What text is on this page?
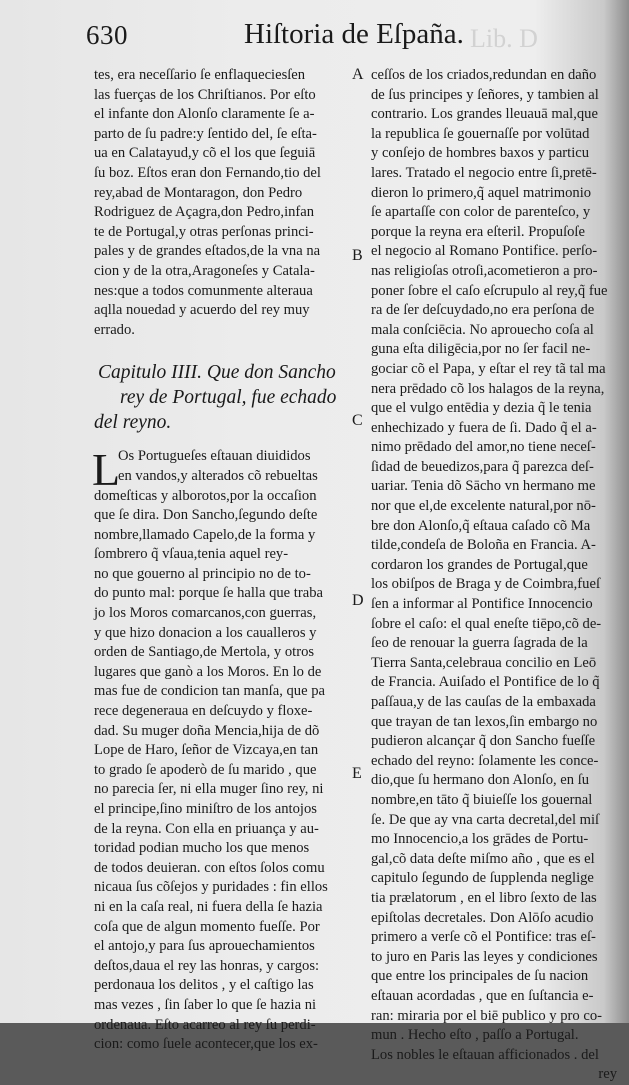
Lib. D
630	Hiſtoria de Eſpaña.
A
B
C
D
E
tes, era neceſſario ſe enflaqueciesſen
las fuerças de los Chriſtianos. Por eſto
el infante don Alonſo claramente ſe a-
parto de ſu padre:y ſentido del, ſe eſta-
ua en Calatayud,y cõ el los que ſeguiā
ſu boz. Eſtos eran don Fernando,tio del
rey,abad de Montaragon, don Pedro
Rodriguez de Açagra,don Pedro,infan
te de Portugal,y otras perſonas princi-
pales y de grandes eſtados,de la vna na
cion y de la otra,Aragoneſes y Catala-
nes:que a todos comunmente alteraua
aqlla nouedad y acuerdo del rey muy
errado.
Capitulo IIII. Que don Sancho
rey de Portugal, fue echado
del reyno.
L
Os Portugueſes eſtauan diuididos
en vandos,y alterados cõ rebueltas
domeſticas y alborotos,por la occaſion
que ſe dira. Don Sancho,ſegundo deſte
nombre,llamado Capelo,de la forma y
ſombrero q̃ vſaua,tenia aquel rey-
no que gouerno al principio no de to-
do punto mal: porque ſe halla que traba
jo los Moros comarcanos,con guerras,
y que hizo donacion a los caualleros y
orden de Santiago,de Mertola, y otros
lugares que ganò a los Moros. En lo de
mas fue de condicion tan manſa, que pa
rece degeneraua en deſcuydo y floxe-
dad. Su muger doña Mencia,hija de dõ
Lope de Haro, ſeñor de Vizcaya,en tan
to grado ſe apoderò de ſu marido , que
no parecia ſer, ni ella muger ſino rey, ni
el principe,ſino miniſtro de los antojos
de la reyna. Con ella en priuança y au-
toridad podian mucho los que menos
de todos deuieran. con eſtos ſolos comu
nicaua ſus cõſejos y puridades : fin ellos
ni en la caſa real, ni fuera della ſe hazia
coſa que de algun momento fueſſe. Por
el antojo,y para ſus aprouechamientos
deſtos,daua el rey las honras, y cargos:
perdonaua los delitos , y el caſtigo las
mas vezes , ſin ſaber lo que ſe hazia ni
ordenaua. Eſto acarreo al rey ſu perdi-
cion: como ſuele acontecer,que los ex-
ceſſos de los criados,redundan en daño
de ſus principes y ſeñores, y tambien al
contrario. Los grandes lleuauā mal,que
la republica ſe gouernaſſe por volūtad
y conſejo de hombres baxos y particu
lares. Tratado el negocio entre ſi,pretē-
dieron lo primero,q̃ aquel matrimonio
ſe apartaſſe con color de parenteſco, y
porque la reyna era eſteril. Propuſoſe
el negocio al Romano Pontifice. perſo-
nas religioſas otroſi,acometieron a pro-
poner ſobre el caſo eſcrupulo al rey,q̃ fue
ra de ſer deſcuydado,no era perſona de
mala conſciēcia. No aprouecho coſa al
guna eſta diligēcia,por no ſer facil ne-
gociar cõ el Papa, y eſtar el rey tã tal ma
nera prēdado cõ los halagos de la reyna,
que el vulgo entēdia y dezia q̃ le tenia
enhechizado y fuera de ſi. Dado q̃ el a-
nimo prēdado del amor,no tiene neceſ-
ſidad de beuedizos,para q̃ parezca deſ-
uariar. Tenia dõ Sācho vn hermano me
nor que el,de excelente natural,por nō-
bre don Alonſo,q̃ eſtaua caſado cõ Ma
tilde,condeſa de Boloña en Francia. A-
cordaron los grandes de Portugal,que
los obiſpos de Braga y de Coimbra,fueſ
ſen a informar al Pontifice Innocencio
ſobre el caſo: el qual eneſte tiēpo,cõ de-
ſeo de renouar la guerra ſagrada de la
Tierra Santa,celebraua concilio en Leō
de Francia. Auiſado el Pontifice de lo q̃
paſſaua,y de las cauſas de la embaxada
que trayan de tan lexos,ſin embargo no
pudieron alcançar q̃ don Sancho fueſſe
echado del reyno: ſolamente les conce-
dio,que ſu hermano don Alonſo, en ſu
nombre,en tāto q̃ biuieſſe los gouernal
ſe. De que ay vna carta decretal,del miſ
mo Innocencio,a los grādes de Portu-
gal,cõ data deſte miſmo año , que es el
capitulo ſegundo de ſupplenda neglige
tia prælatorum , en el libro ſexto de las
epiſtolas decretales. Don Alōſo acudio
primero a verſe cõ el Pontifice: tras eſ-
to juro en Paris las leyes y condiciones
que entre los principales de ſu nacion
eſtauan acordadas , que en ſuſtancia e-
ran: miraria por el biē publico y pro co-
mun . Hecho eſto , paſſo a Portugal.
Los nobles le eſtauan afficionados . del
rey
